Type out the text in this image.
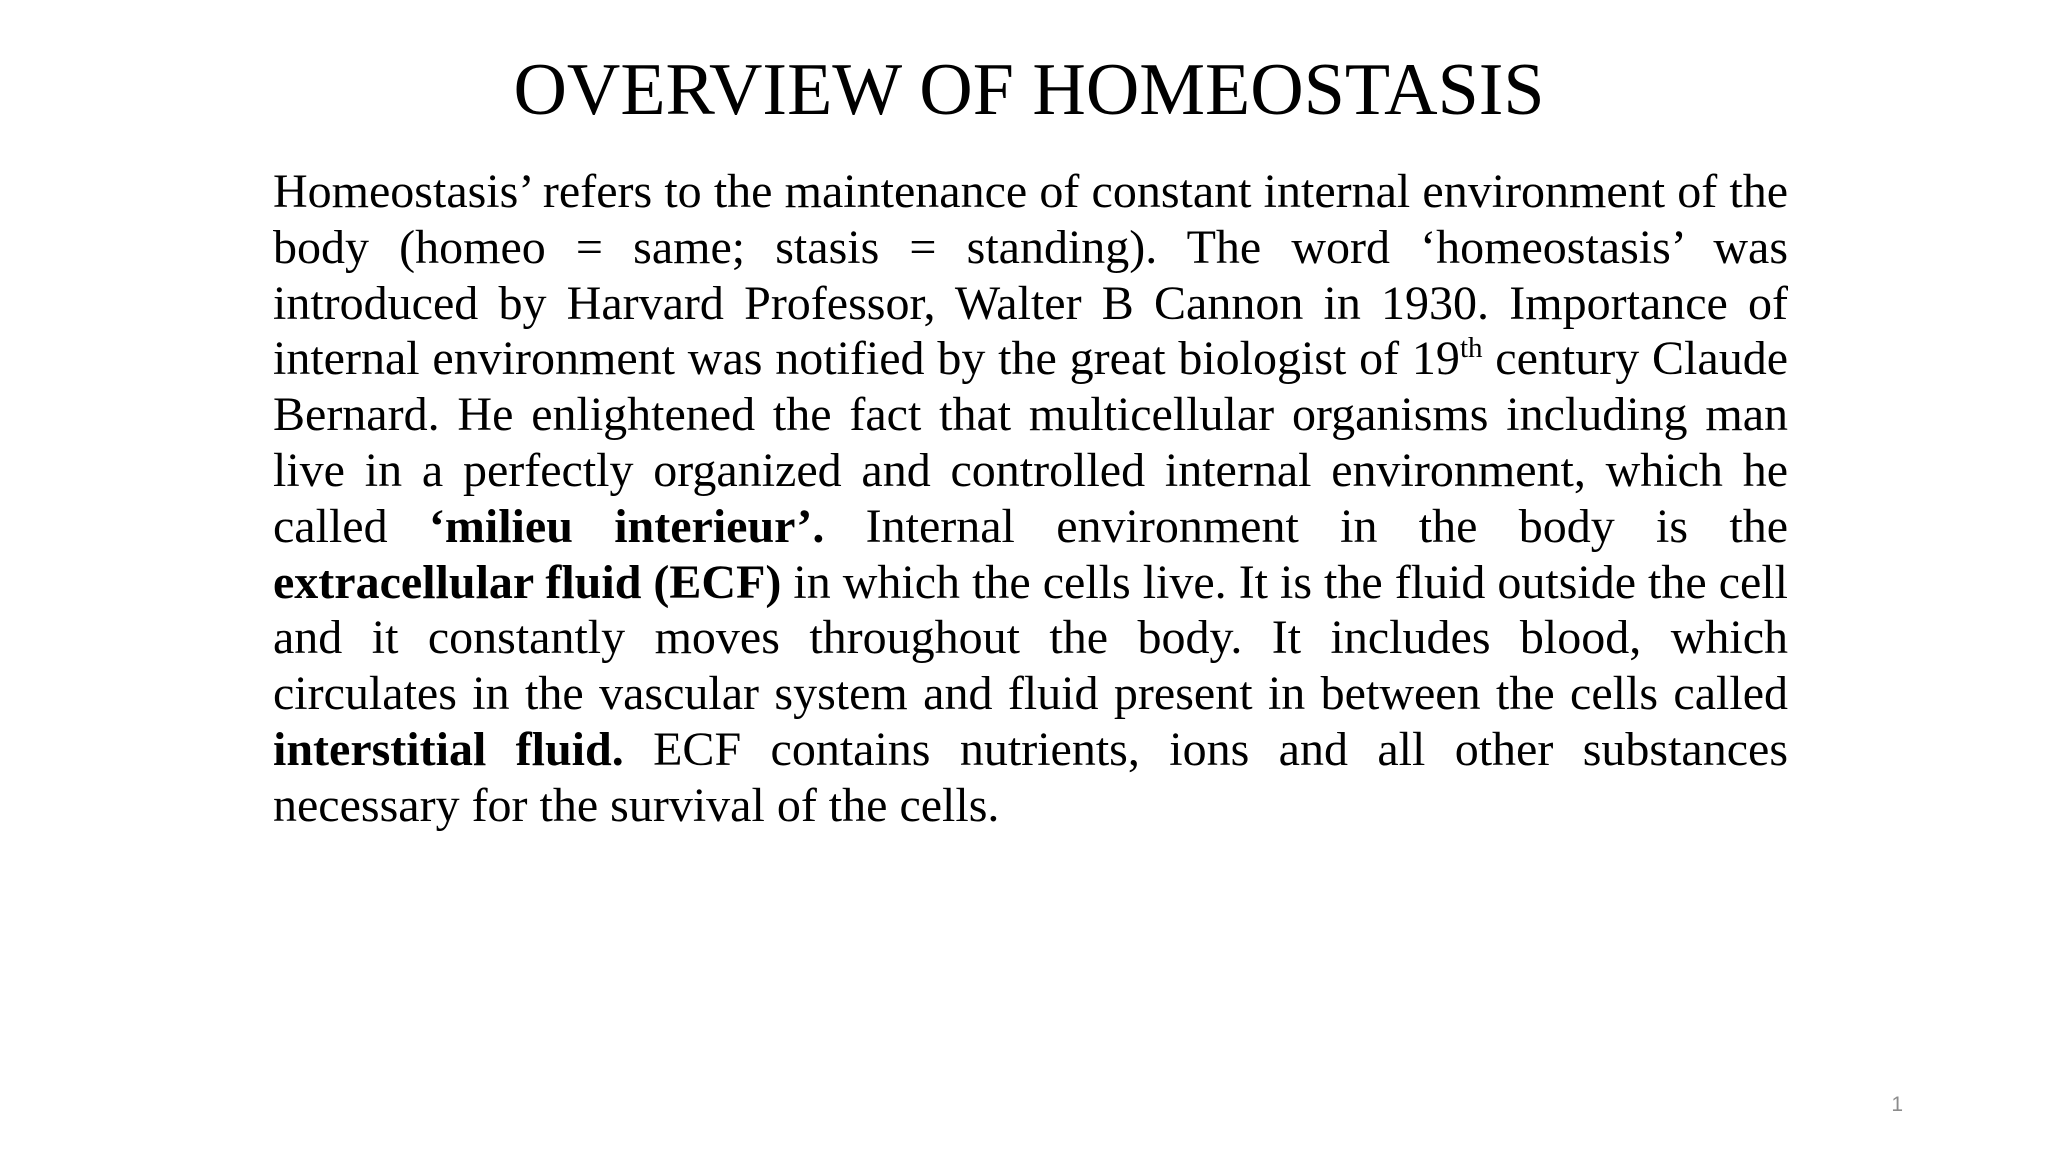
OVERVIEW OF HOMEOSTASIS

Homeostasis’ refers to the maintenance of constant internal environment of the body (homeo = same; stasis = standing). The word ‘homeostasis’ was introduced by Harvard Professor, Walter B Cannon in 1930. Importance of internal environment was notified by the great biologist of 19th century Claude Bernard. He enlightened the fact that multicellular organisms including man live in a perfectly organized and controlled internal environment, which he called ‘milieu interieur’. Internal environment in the body is the extracellular fluid (ECF) in which the cells live. It is the fluid outside the cell and it constantly moves throughout the body. It includes blood, which circulates in the vascular system and fluid present in between the cells called interstitial fluid. ECF contains nutrients, ions and all other substances necessary for the survival of the cells.

1
